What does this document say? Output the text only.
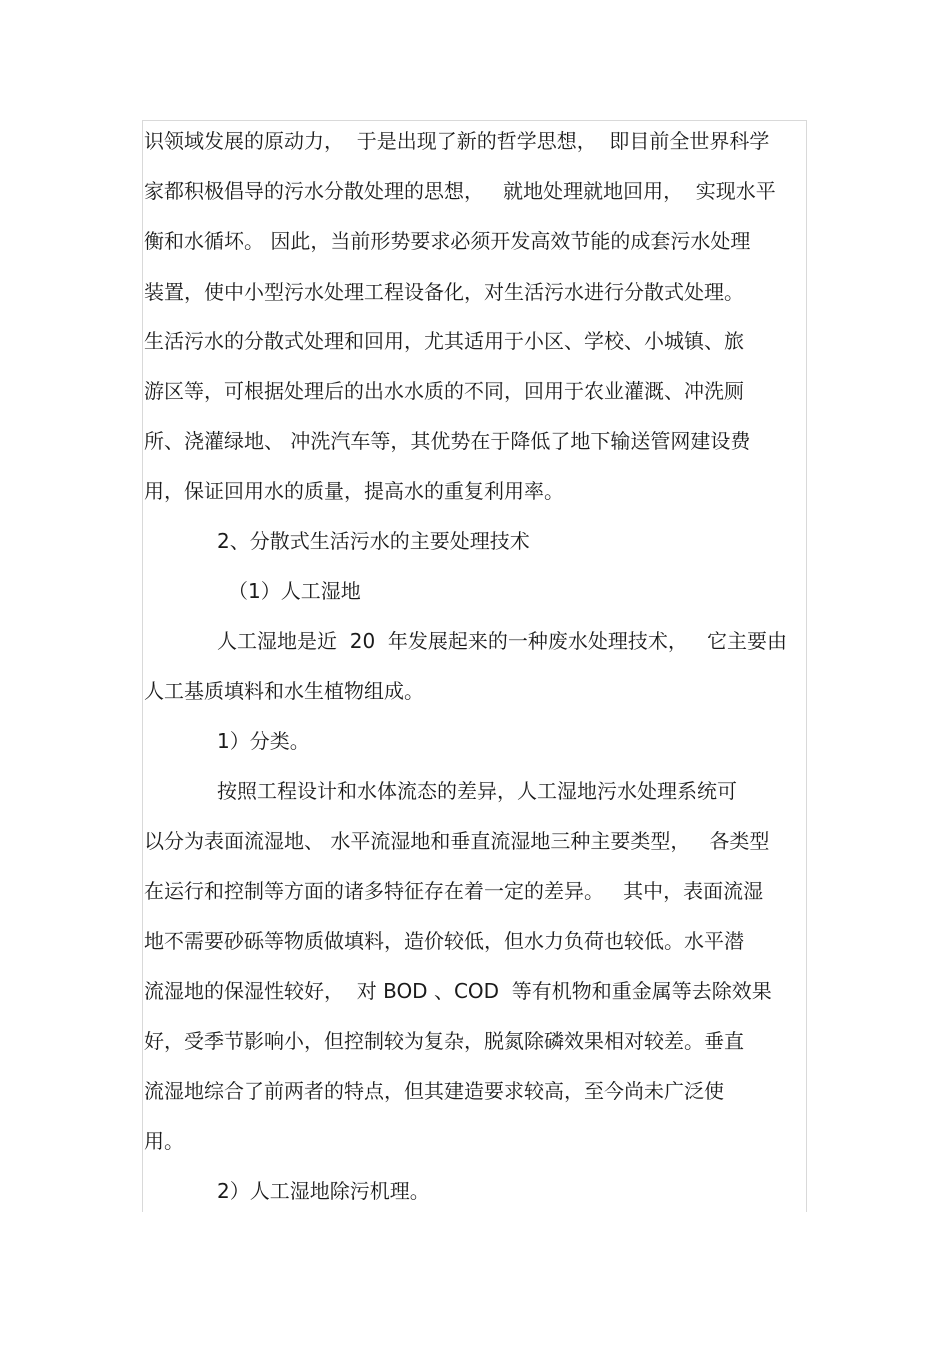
识领域发展的原动力，  于是出现了新的哲学思想，  即目前全世界科学
家都积极倡导的污水分散处理的思想，   就地处理就地回用，  实现水平
衡和水循坏。 因此，当前形势要求必须开发高效节能的成套污水处理
装置，使中小型污水处理工程设备化，对生活污水进行分散式处理。
生活污水的分散式处理和回用，尤其适用于小区、学校、小城镇、旅
游区等，可根据处理后的出水水质的不同，回用于农业灌溉、冲洗厕
所、浇灌绿地、 冲洗汽车等，其优势在于降低了地下输送管网建设费
用，保证回用水的质量，提高水的重复利用率。
2、分散式生活污水的主要处理技术
（1）人工湿地
人工湿地是近  20  年发展起来的一种废水处理技术，   它主要由
人工基质填料和水生植物组成。
1）分类。
按照工程设计和水体流态的差异，人工湿地污水处理系统可
以分为表面流湿地、 水平流湿地和垂直流湿地三种主要类型，   各类型
在运行和控制等方面的诸多特征存在着一定的差异。   其中，表面流湿
地不需要砂砾等物质做填料，造价较低，但水力负荷也较低。水平潜
流湿地的保湿性较好，  对 BOD 、COD  等有机物和重金属等去除效果
好，受季节影响小，但控制较为复杂，脱氮除磷效果相对较差。垂直
流湿地综合了前两者的特点，但其建造要求较高，至今尚未广泛使
用。
2）人工湿地除污机理。
